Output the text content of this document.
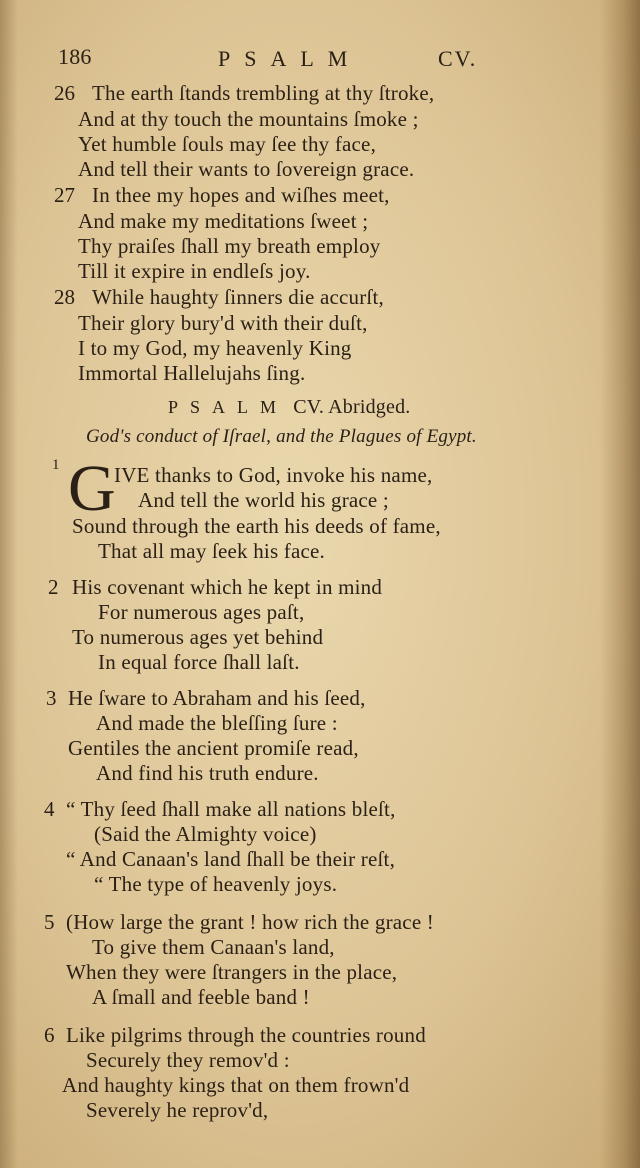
186	PSALM	CV.
26 The earth ſtands trembling at thy ſtroke,
And at thy touch the mountains ſmoke ;
Yet humble ſouls may ſee thy face,
And tell their wants to ſovereign grace.
27 In thee my hopes and wiſhes meet,
And make my meditations ſweet ;
Thy praiſes ſhall my breath employ
Till it expire in endleſs joy.
28 While haughty ſinners die accurſt,
Their glory bury'd with their duſt,
I to my God, my heavenly King
Immortal Hallelujahs ſing.
PSALM CV. Abridged.
God's conduct of Iſrael, and the Plagues of Egypt.
1 G
IVE thanks to God, invoke his name,
And tell the world his grace ;
Sound through the earth his deeds of fame,
That all may ſeek his face.
2 His covenant which he kept in mind
For numerous ages paſt,
To numerous ages yet behind
In equal force ſhall laſt.
3 He ſware to Abraham and his ſeed,
And made the bleſſing ſure :
Gentiles the ancient promiſe read,
And find his truth endure.
4 “ Thy ſeed ſhall make all nations bleſt,
(Said the Almighty voice)
“ And Canaan's land ſhall be their reſt,
“ The type of heavenly joys.
5 (How large the grant ! how rich the grace !
To give them Canaan's land,
When they were ſtrangers in the place,
A ſmall and feeble band !
6 Like pilgrims through the countries round
Securely they remov'd :
And haughty kings that on them frown'd
Severely he reprov'd,
